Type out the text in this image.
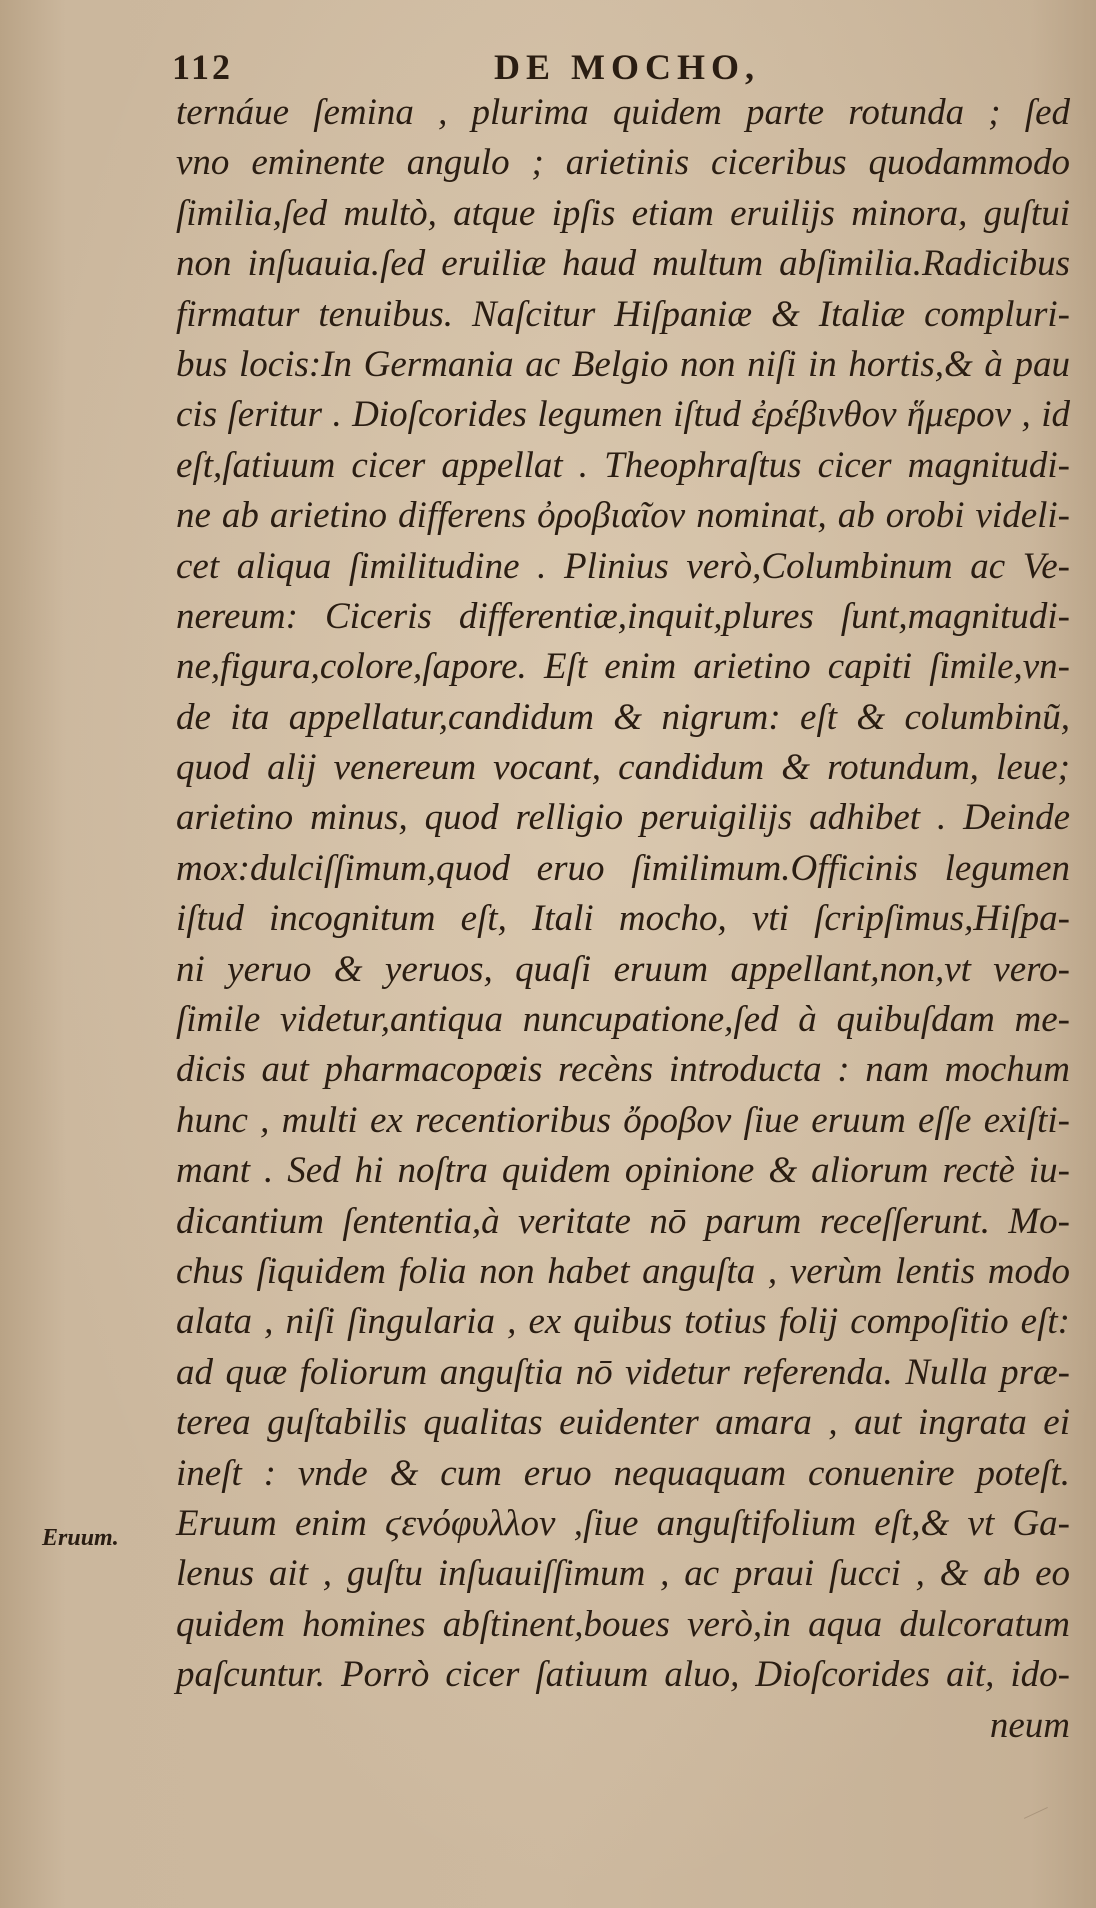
112	DE MOCHO,
ternáue ſemina , plurima quidem parte rotunda ; ſed
vno eminente angulo ; arietinis ciceribus quodammodo
ſimilia,ſed multò, atque ipſis etiam eruilijs minora, guſtui
non inſuauia.ſed eruiliæ haud multum abſimilia.Radicibus
firmatur tenuibus. Naſcitur Hiſpaniæ & Italiæ compluri-
bus locis:In Germania ac Belgio non niſi in hortis,& à pau
cis ſeritur . Dioſcorides legumen iſtud ἐρέβινθον ἥμερον , id
eſt,ſatiuum cicer appellat . Theophraſtus cicer magnitudi-
ne ab arietino differens ὀροβιαῖον nominat, ab orobi videli-
cet aliqua ſimilitudine . Plinius verò,Columbinum ac Ve-
nereum: Ciceris differentiæ,inquit,plures ſunt,magnitudi-
ne,figura,colore,ſapore. Eſt enim arietino capiti ſimile,vn-
de ita appellatur,candidum & nigrum: eſt & columbinũ,
quod alij venereum vocant, candidum & rotundum, leue;
arietino minus, quod relligio peruigilijs adhibet . Deinde
mox:dulciſſimum,quod eruo ſimilimum.Officinis legumen
iſtud incognitum eſt, Itali mocho, vti ſcripſimus,Hiſpa-
ni yeruo & yeruos, quaſi eruum appellant,non,vt vero-
ſimile videtur,antiqua nuncupatione,ſed à quibuſdam me-
dicis aut pharmacopœis recèns introducta : nam mochum
hunc , multi ex recentioribus ὄροβον ſiue eruum eſſe exiſti-
mant . Sed hi noſtra quidem opinione & aliorum rectè iu-
dicantium ſententia,à veritate nō parum receſſerunt. Mo-
chus ſiquidem folia non habet anguſta , verùm lentis modo
alata , niſi ſingularia , ex quibus totius folij compoſitio eſt:
ad quæ foliorum anguſtia nō videtur referenda. Nulla præ-
terea guſtabilis qualitas euidenter amara , aut ingrata ei
ineſt : vnde & cum eruo nequaquam conuenire poteſt.
Eruum enim ϛενόφυλλον ,ſiue anguſtifolium eſt,& vt Ga-
lenus ait , guſtu inſuauiſſimum , ac praui ſucci , & ab eo
quidem homines abſtinent,boues verò,in aqua dulcoratum
paſcuntur. Porrò cicer ſatiuum aluo, Dioſcorides ait, ido-
neum
Eruum.
